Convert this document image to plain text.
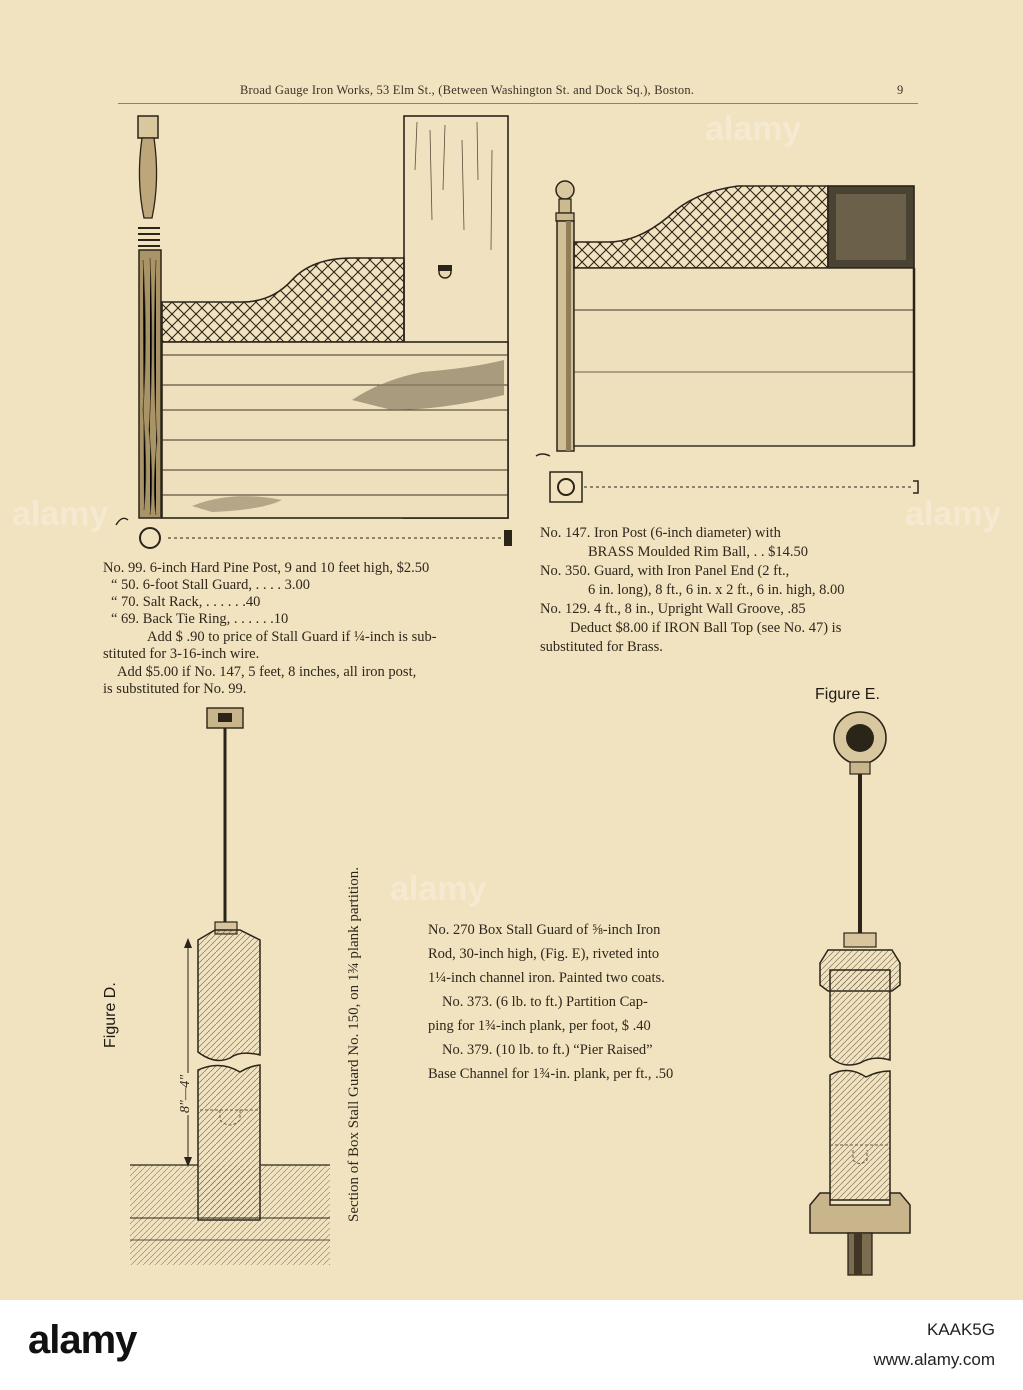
Broad Gauge Iron Works, 53 Elm St., (Between Washington St. and Dock Sq.), Boston.	9
No. 99. 6-inch Hard Pine Post, 9 and 10 feet high, $2.50
“ 50. 6-foot Stall Guard, . . . . 3.00
“ 70. Salt Rack, . . . . . .40
“ 69. Back Tie Ring, . . . . . .10
Add $ .90 to price of Stall Guard if ¼-inch is sub-
stituted for 3-16-inch wire.
Add $5.00 if No. 147, 5 feet, 8 inches, all iron post,
is substituted for No. 99.
No. 147. Iron Post (6-inch diameter) with
BRASS Moulded Rim Ball, . . $14.50
No. 350. Guard, with Iron Panel End (2 ft.,
6 in. long), 8 ft., 6 in. x 2 ft., 6 in. high, 8.00
No. 129. 4 ft., 8 in., Upright Wall Groove, .85
Deduct $8.00 if IRON Ball Top (see No. 47) is
substituted for Brass.
Figure D.	Section of Box Stall Guard No. 150, on 1¾ plank partition.
8"—4"
No. 270 Box Stall Guard of ⅝-inch Iron
Rod, 30-inch high, (Fig. E), riveted into
1¼-inch channel iron. Painted two coats.
No. 373. (6 lb. to ft.) Partition Cap-
ping for 1¾-inch plank, per foot, $ .40
No. 379. (10 lb. to ft.) “Pier Raised”
Base Channel for 1¾-in. plank, per ft., .50
Figure E.
alamy	alamy
alamy
alamy
alamy	KAAK5G
www.alamy.com
